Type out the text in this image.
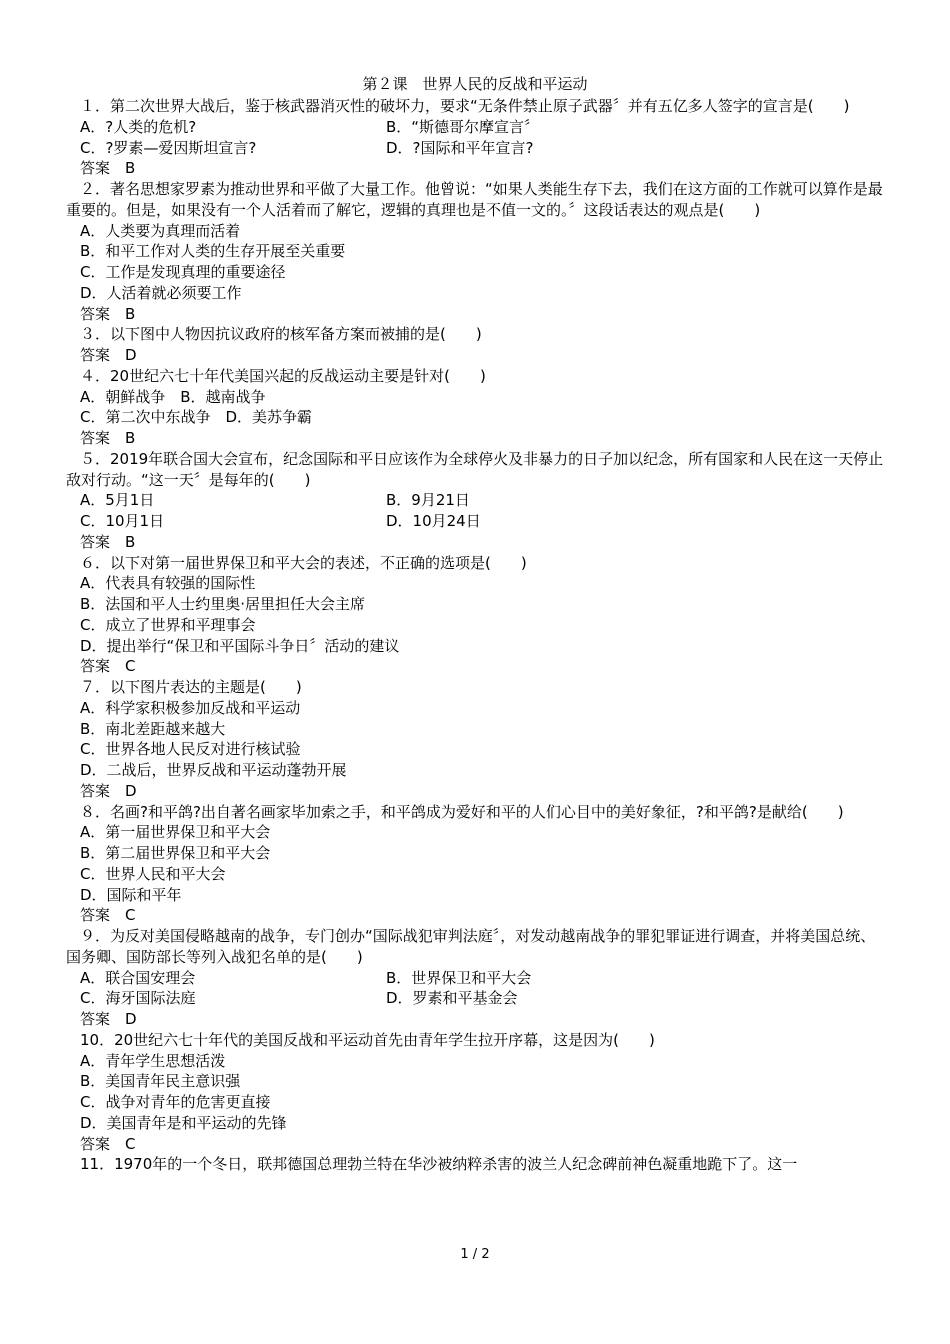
第２课　世界人民的反战和平运动
１．第二次世界大战后，鉴于核武器消灭性的破坏力，要求“无条件禁止原子武器〞并有五亿多人签字的宣言是(　　)
A．?人类的危机?	B．“斯德哥尔摩宣言〞
C．?罗素—爱因斯坦宣言?	D．?国际和平年宣言?
答案　B
２．著名思想家罗素为推动世界和平做了大量工作。他曾说：“如果人类能生存下去，我们在这方面的工作就可以算作是最重要的。但是，如果没有一个人活着而了解它，逻辑的真理也是不值一文的。〞这段话表达的观点是(　　)
A．人类要为真理而活着
B．和平工作对人类的生存开展至关重要
C．工作是发现真理的重要途径
D．人活着就必须要工作
答案　B
３．以下图中人物因抗议政府的核军备方案而被捕的是(　　)
答案　D
４．20世纪六七十年代美国兴起的反战运动主要是针对(　　)
A．朝鲜战争　B．越南战争
C．第二次中东战争　D．美苏争霸
答案　B
５．2019年联合国大会宣布，纪念国际和平日应该作为全球停火及非暴力的日子加以纪念，所有国家和人民在这一天停止敌对行动。“这一天〞是每年的(　　)
A．5月1日	B．9月21日
C．10月1日	D．10月24日
答案　B
６．以下对第一届世界保卫和平大会的表述，不正确的选项是(　　)
A．代表具有较强的国际性
B．法国和平人士约里奥·居里担任大会主席
C．成立了世界和平理事会
D．提出举行“保卫和平国际斗争日〞活动的建议
答案　C
７．以下图片表达的主题是(　　)
A．科学家积极参加反战和平运动
B．南北差距越来越大
C．世界各地人民反对进行核试验
D．二战后，世界反战和平运动蓬勃开展
答案　D
８．名画?和平鸽?出自著名画家毕加索之手，和平鸽成为爱好和平的人们心目中的美好象征，?和平鸽?是献给(　　)
A．第一届世界保卫和平大会
B．第二届世界保卫和平大会
C．世界人民和平大会
D．国际和平年
答案　C
９．为反对美国侵略越南的战争，专门创办“国际战犯审判法庭〞，对发动越南战争的罪犯罪证进行调查，并将美国总统、国务卿、国防部长等列入战犯名单的是(　　)
A．联合国安理会	B．世界保卫和平大会
C．海牙国际法庭	D．罗素和平基金会
答案　D
10．20世纪六七十年代的美国反战和平运动首先由青年学生拉开序幕，这是因为(　　)
A．青年学生思想活泼
B．美国青年民主意识强
C．战争对青年的危害更直接
D．美国青年是和平运动的先锋
答案　C
11．1970年的一个冬日，联邦德国总理勃兰特在华沙被纳粹杀害的波兰人纪念碑前神色凝重地跪下了。这一
1 / 2
